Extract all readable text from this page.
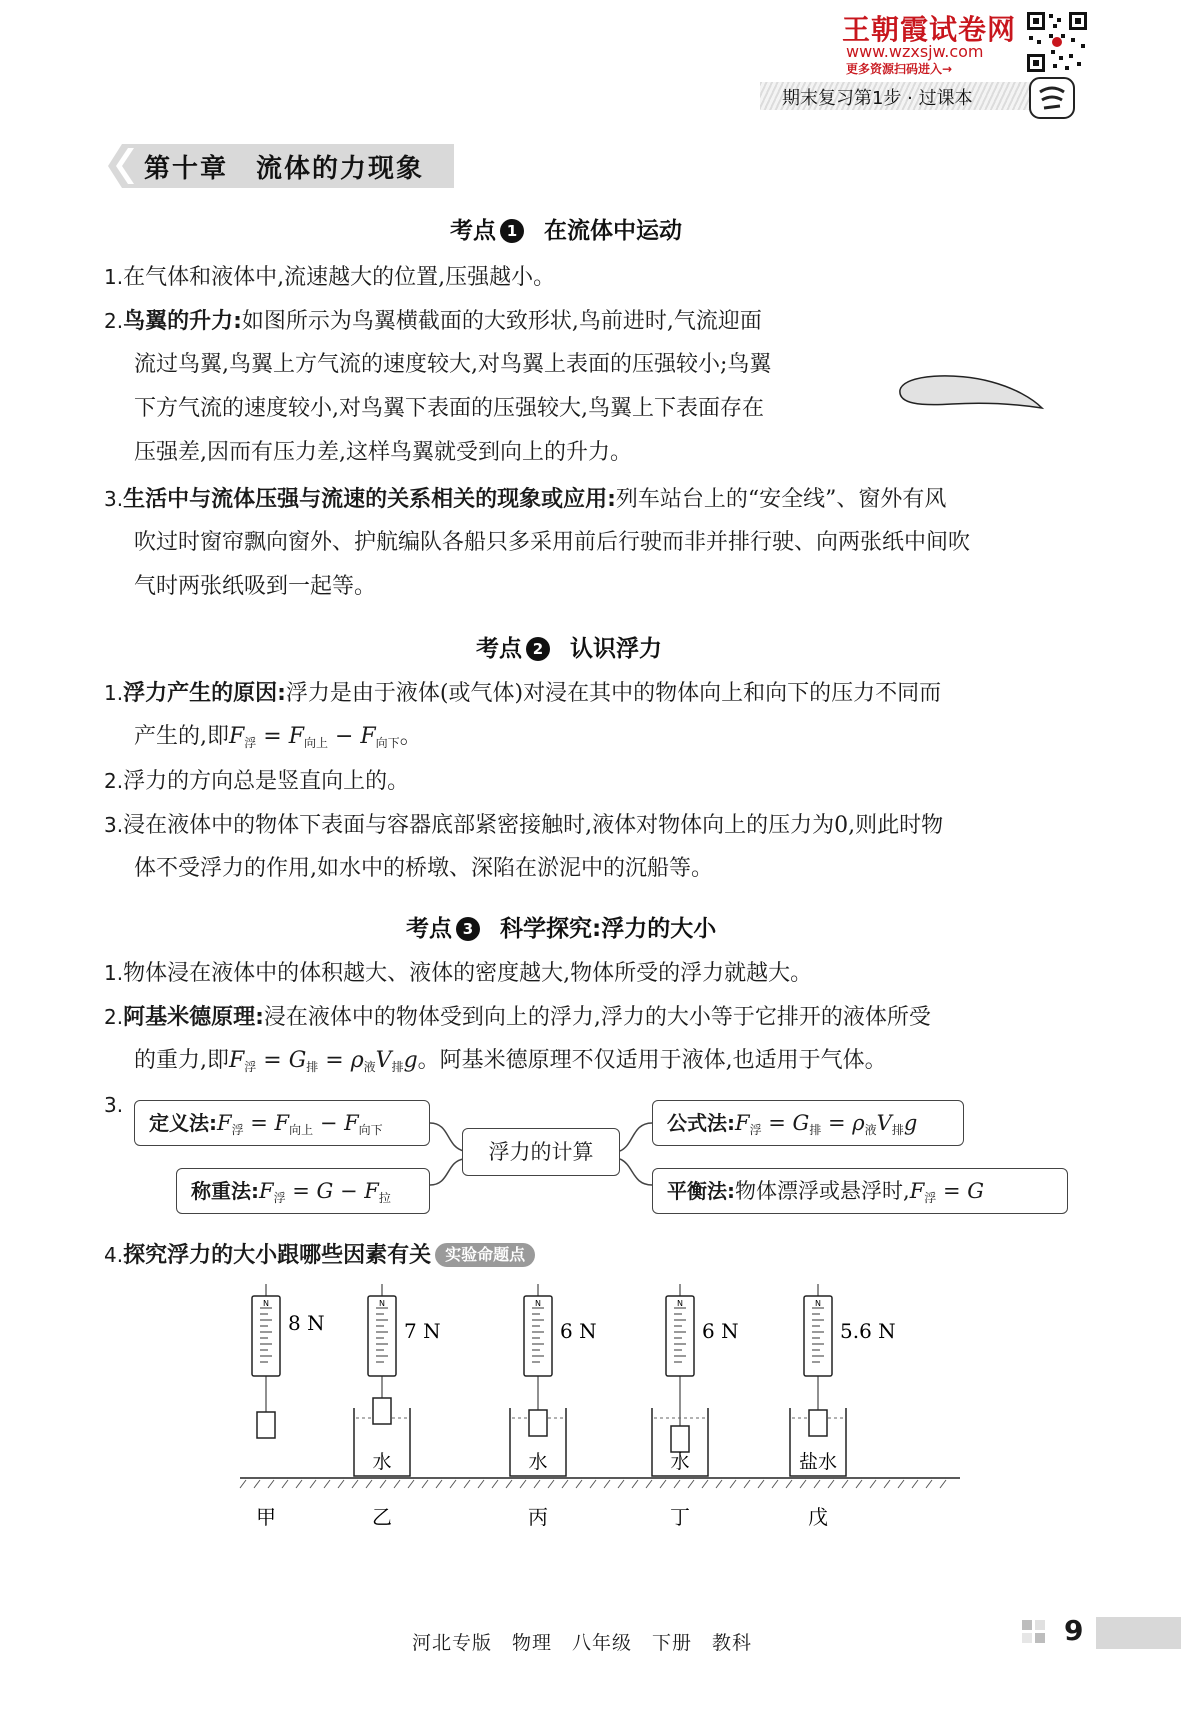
王朝霞试卷网
www.wzxsjw.com
更多资源扫码进入→
期末复习第1步 · 过课本
第十章　流体的力现象
考点 1 在流体中运动
1.在气体和液体中,流速越大的位置,压强越小。
2.鸟翼的升力:如图所示为鸟翼横截面的大致形状,鸟前进时,气流迎面
流过鸟翼,鸟翼上方气流的速度较大,对鸟翼上表面的压强较小;鸟翼
下方气流的速度较小,对鸟翼下表面的压强较大,鸟翼上下表面存在
压强差,因而有压力差,这样鸟翼就受到向上的升力。
3.生活中与流体压强与流速的关系相关的现象或应用:列车站台上的“安全线”、窗外有风
吹过时窗帘飘向窗外、护航编队各船只多采用前后行驶而非并排行驶、向两张纸中间吹
气时两张纸吸到一起等。
考点 2 认识浮力
1.浮力产生的原因:浮力是由于液体(或气体)对浸在其中的物体向上和向下的压力不同而
产生的,即$F_浮 = F_{向上} - F_{向下}$。
2.浮力的方向总是竖直向上的。
3.浸在液体中的物体下表面与容器底部紧密接触时,液体对物体向上的压力为0,则此时物
体不受浮力的作用,如水中的桥墩、深陷在淤泥中的沉船等。
考点 3 科学探究:浮力的大小
1.物体浸在液体中的体积越大、液体的密度越大,物体所受的浮力就越大。
2.阿基米德原理:浸在液体中的物体受到向上的浮力,浮力的大小等于它排开的液体所受
的重力,即$F_浮 = G_排 = \rho_液V_排g$。阿基米德原理不仅适用于液体,也适用于气体。
3.
定义法$:F_浮 = F_{向上} - F_{向下}$
称重法$:F_浮 = G - F_拉$
浮力的计算
公式法$:F_浮 = G_排 = \rho_液V_排g$
平衡法:物体漂浮或悬浮时$,F_浮 = G$
4.探究浮力的大小跟哪些因素有关 实验命题点
N	N	N	N	N
8 N	7 N	6 N	6 N	5.6 N
水	水	水	盐水
甲	乙	丙	丁	戊
河北专版　物理　八年级　下册　教科	9
